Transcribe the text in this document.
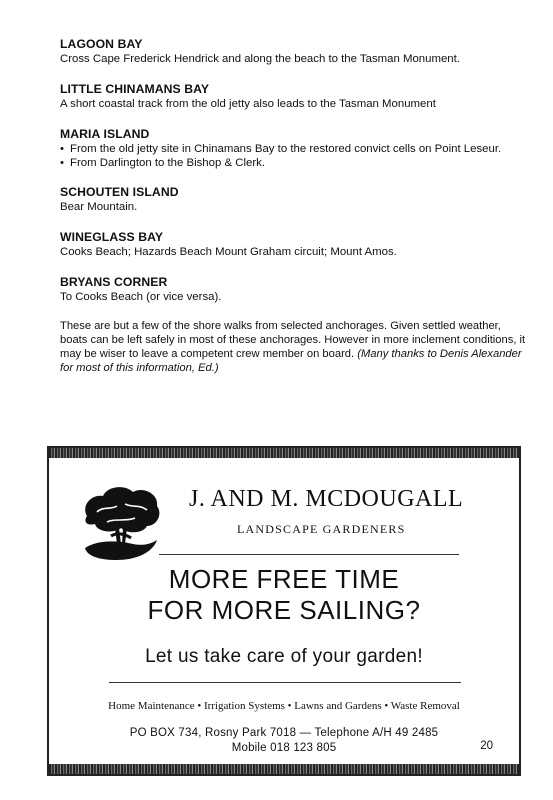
LAGOON BAY

Cross Cape Frederick Hendrick and along the beach to the Tasman Monument.

LITTLE CHINAMANS BAY

A short coastal track from the old jetty also leads to the Tasman Monument

MARIA ISLAND
• From the old jetty site in Chinamans Bay to the restored convict cells on Point Leseur.
• From Darlington to the Bishop & Clerk.
SCHOUTEN ISLAND

Bear Mountain.

WINEGLASS BAY

Cooks Beach; Hazards Beach Mount Graham circuit; Mount Amos.

BRYANS CORNER

To Cooks Beach (or vice versa).

These are but a few of the shore walks from selected anchorages. Given settled weather, boats can be left safely in most of these anchorages. However in more inclement conditions, it may be wiser to leave a competent crew member on board. (Many thanks to Denis Alexander for most of this information, Ed.)
J. AND M. MCDOUGALL
LANDSCAPE GARDENERS
MORE FREE TIME
FOR MORE SAILING?
Let us take care of your garden!
Home Maintenance • Irrigation Systems • Lawns and Gardens • Waste Removal
PO BOX 734, Rosny Park 7018 — Telephone A/H 49 2485
Mobile 018 123 805	20
